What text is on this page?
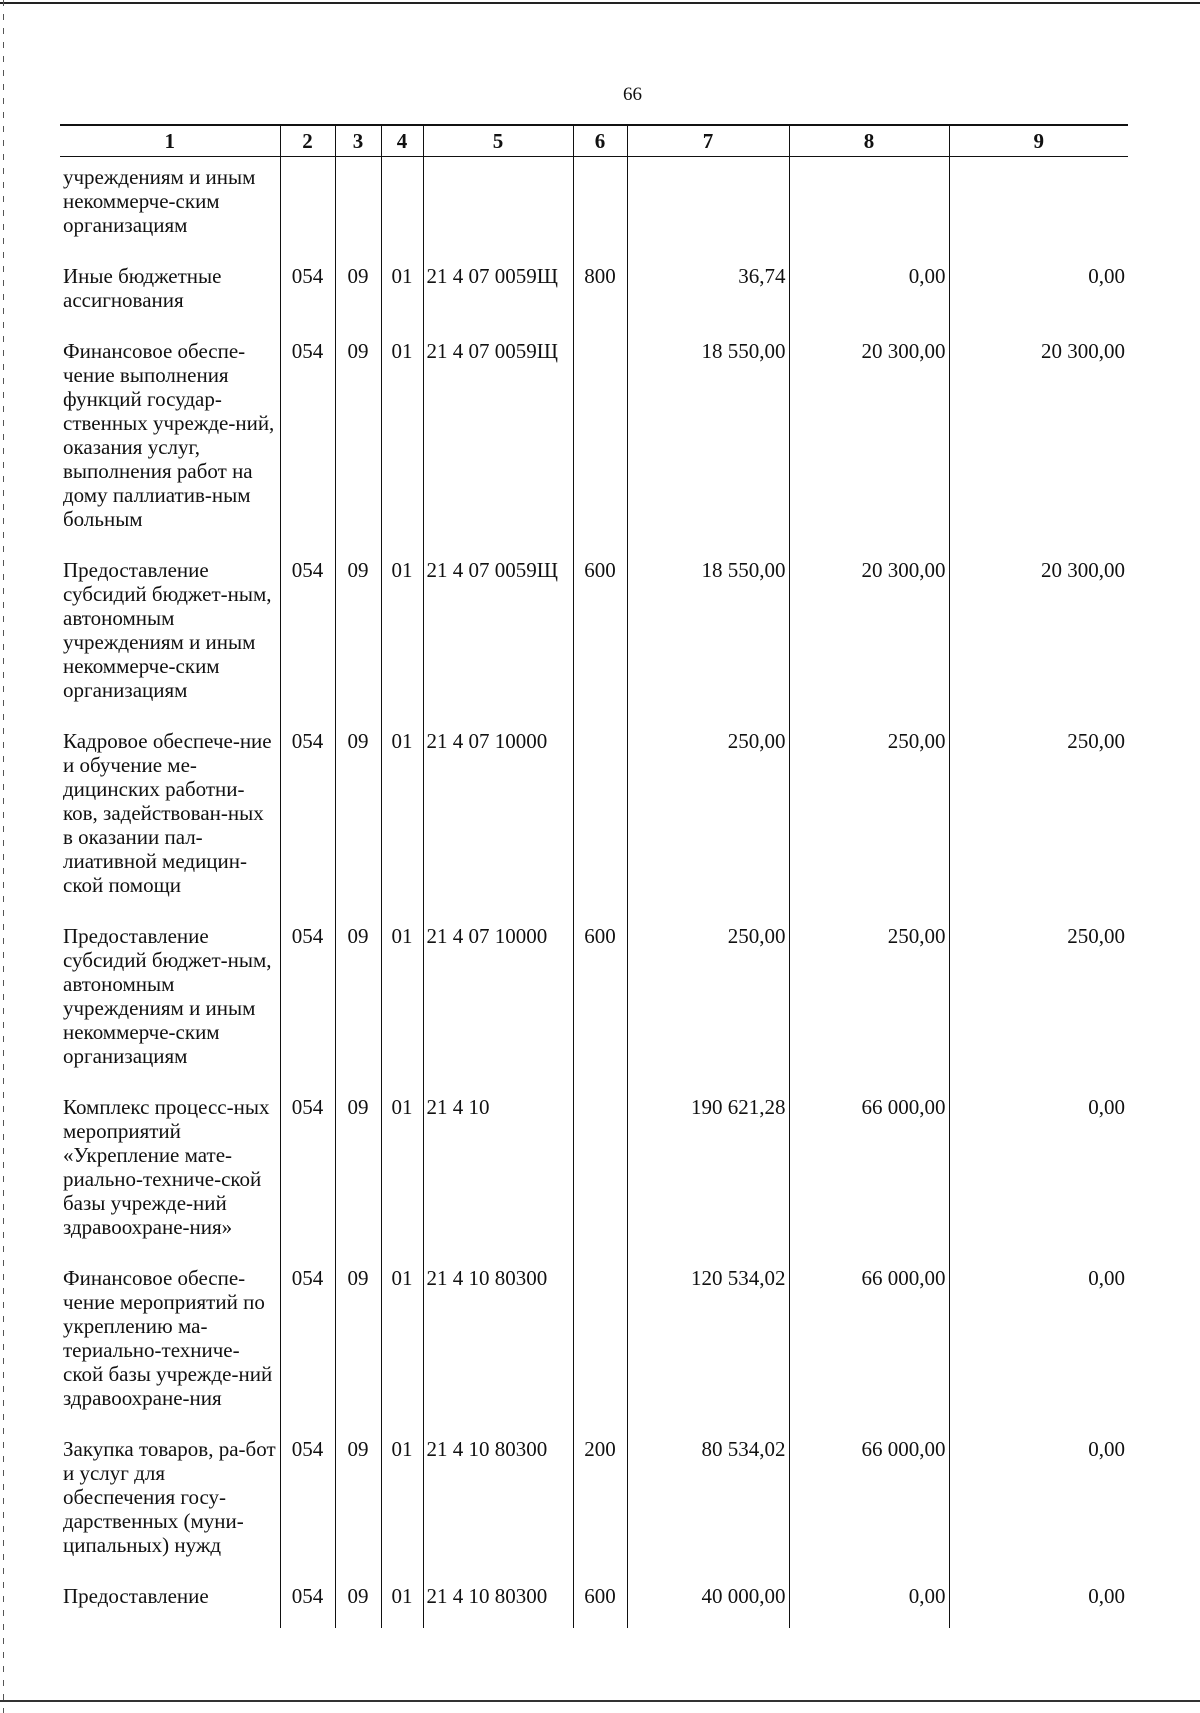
66
1	2	3	4	5	6	7	8	9
учреждениям и иным некоммерче-ским организациям								
Иные бюджетные ассигнования	054	09	01	21 4 07 0059Щ	800	36,74	0,00	0,00
Финансовое обеспе-чение выполнения функций государ-ственных учрежде-ний, оказания услуг, выполнения работ на дому паллиатив-ным больным	054	09	01	21 4 07 0059Щ		18 550,00	20 300,00	20 300,00
Предоставление субсидий бюджет-ным, автономным учреждениям и иным некоммерче-ским организациям	054	09	01	21 4 07 0059Щ	600	18 550,00	20 300,00	20 300,00
Кадровое обеспече-ние и обучение ме-дицинских работни-ков, задействован-ных в оказании пал-лиативной медицин-ской помощи	054	09	01	21 4 07 10000		250,00	250,00	250,00
Предоставление субсидий бюджет-ным, автономным учреждениям и иным некоммерче-ским организациям	054	09	01	21 4 07 10000	600	250,00	250,00	250,00
Комплекс процесс-ных мероприятий «Укрепление мате-риально-техниче-ской базы учрежде-ний здравоохране-ния»	054	09	01	21 4 10		190 621,28	66 000,00	0,00
Финансовое обеспе-чение мероприятий по укреплению ма-териально-техниче-ской базы учрежде-ний здравоохране-ния	054	09	01	21 4 10 80300		120 534,02	66 000,00	0,00
Закупка товаров, ра-бот и услуг для обеспечения госу-дарственных (муни-ципальных) нужд	054	09	01	21 4 10 80300	200	80 534,02	66 000,00	0,00
Предоставление	054	09	01	21 4 10 80300	600	40 000,00	0,00	0,00
